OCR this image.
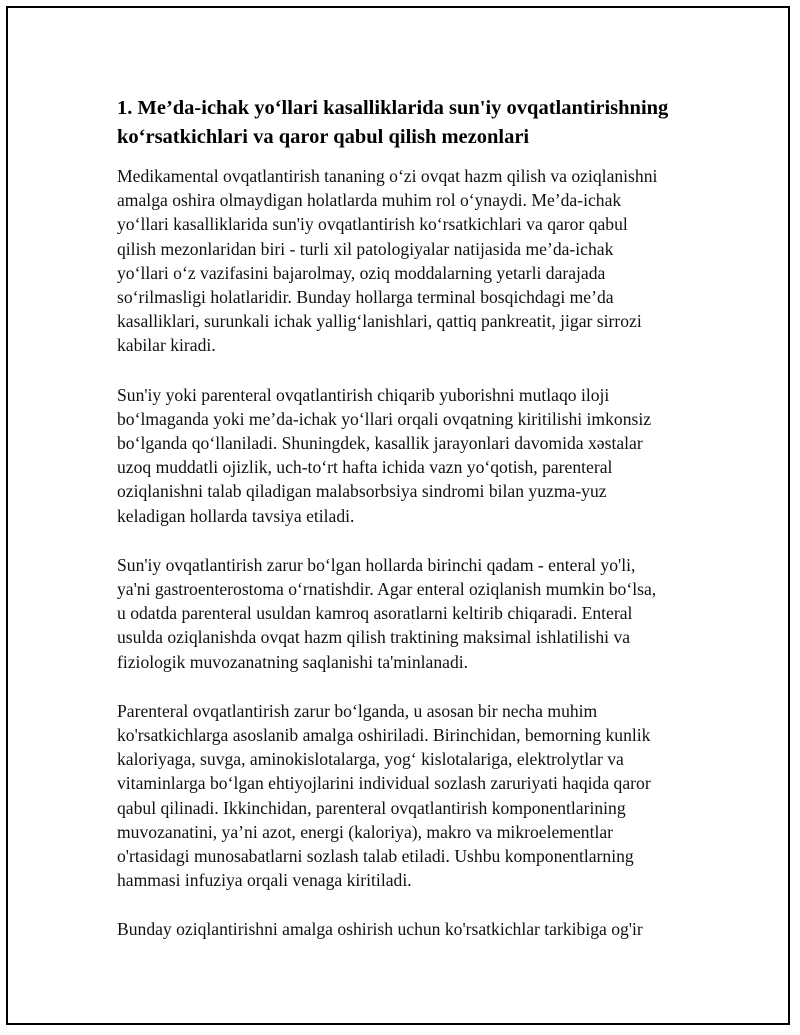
1. Me’da-ichak yo‘llari kasalliklarida sun'iy ovqatlantirishning
ko‘rsatkichlari va qaror qabul qilish mezonlari

Medikamental ovqatlantirish tananing o‘zi ovqat hazm qilish va oziqlanishni
amalga oshira olmaydigan holatlarda muhim rol o‘ynaydi. Me’da-ichak
yo‘llari kasalliklarida sun'iy ovqatlantirish ko‘rsatkichlari va qaror qabul
qilish mezonlaridan biri - turli xil patologiyalar natijasida me’da-ichak
yo‘llari o‘z vazifasini bajarolmay, oziq moddalarning yetarli darajada
so‘rilmasligi holatlaridir. Bunday hollarga terminal bosqichdagi me’da
kasalliklari, surunkali ichak yallig‘lanishlari, qattiq pankreatit, jigar sirrozi
kabilar kiradi.

Sun'iy yoki parenteral ovqatlantirish chiqarib yuborishni mutlaqo iloji
bo‘lmaganda yoki me’da-ichak yo‘llari orqali ovqatning kiritilishi imkonsiz
bo‘lganda qo‘llaniladi. Shuningdek, kasallik jarayonlari davomida xəstalar
uzoq muddatli ojizlik, uch-to‘rt hafta ichida vazn yo‘qotish, parenteral
oziqlanishni talab qiladigan malabsorbsiya sindromi bilan yuzma-yuz
keladigan hollarda tavsiya etiladi.

Sun'iy ovqatlantirish zarur bo‘lgan hollarda birinchi qadam - enteral yo'li,
ya'ni gastroenterostoma o‘rnatishdir. Agar enteral oziqlanish mumkin bo‘lsa,
u odatda parenteral usuldan kamroq asoratlarni keltirib chiqaradi. Enteral
usulda oziqlanishda ovqat hazm qilish traktining maksimal ishlatilishi va
fiziologik muvozanatning saqlanishi ta'minlanadi.

Parenteral ovqatlantirish zarur bo‘lganda, u asosan bir necha muhim
ko'rsatkichlarga asoslanib amalga oshiriladi. Birinchidan, bemorning kunlik
kaloriyaga, suvga, aminokislotalarga, yog‘ kislotalariga, elektrolytlar va
vitaminlarga bo‘lgan ehtiyojlarini individual sozlash zaruriyati haqida qaror
qabul qilinadi. Ikkinchidan, parenteral ovqatlantirish komponentlarining
muvozanatini, ya’ni azot, energi (kaloriya), makro va mikroelementlar
o'rtasidagi munosabatlarni sozlash talab etiladi. Ushbu komponentlarning
hammasi infuziya orqali venaga kiritiladi.

Bunday oziqlantirishni amalga oshirish uchun ko'rsatkichlar tarkibiga og'ir
